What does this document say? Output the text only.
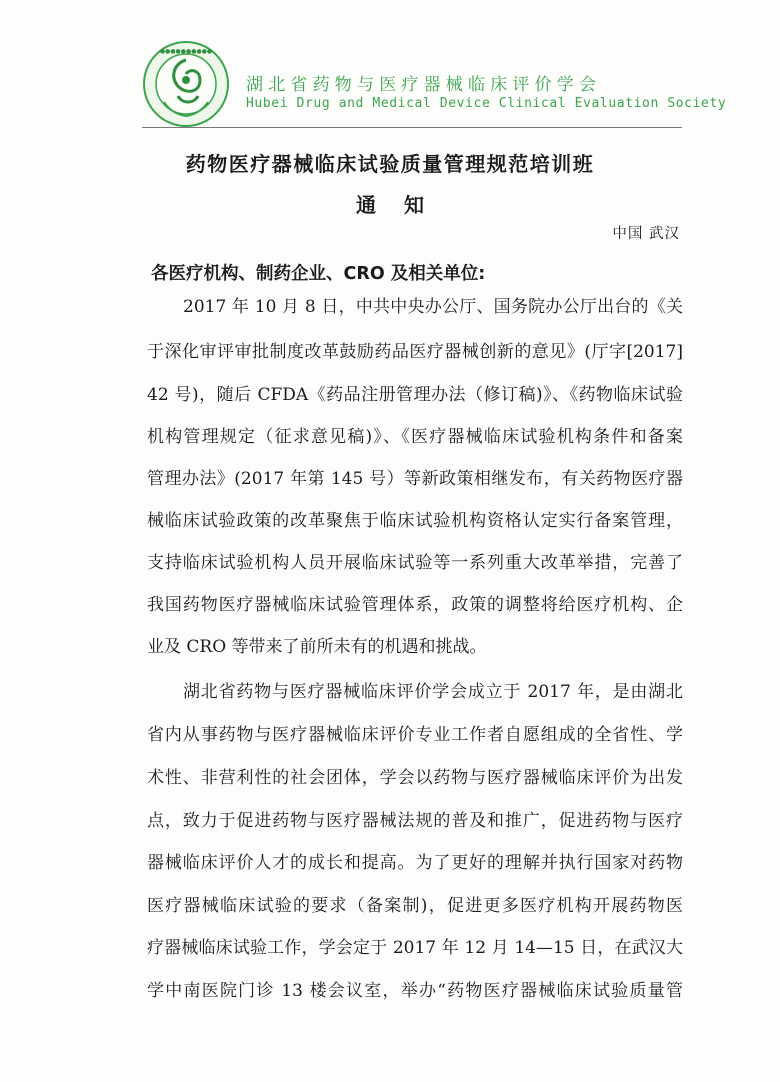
●●●●●●●●●●
湖北省药物与医疗器械临床评价学会
Hubei Drug and Medical Device Clinical Evaluation Society
药物医疗器械临床试验质量管理规范培训班
通知
中国 武汉
各医疗机构、制药企业、CRO 及相关单位:
2017 年 10 月 8 日，中共中央办公厅、国务院办公厅出台的《关
于深化审评审批制度改革鼓励药品医疗器械创新的意见》(厅字[2017]
42 号)，随后 CFDA《药品注册管理办法（修订稿)》、《药物临床试验
机构管理规定（征求意见稿)》、《医疗器械临床试验机构条件和备案
管理办法》(2017 年第 145 号）等新政策相继发布，有关药物医疗器
械临床试验政策的改革聚焦于临床试验机构资格认定实行备案管理，
支持临床试验机构人员开展临床试验等一系列重大改革举措，完善了
我国药物医疗器械临床试验管理体系，政策的调整将给医疗机构、企
业及 CRO 等带来了前所未有的机遇和挑战。
湖北省药物与医疗器械临床评价学会成立于 2017 年，是由湖北
省内从事药物与医疗器械临床评价专业工作者自愿组成的全省性、学
术性、非营利性的社会团体，学会以药物与医疗器械临床评价为出发
点，致力于促进药物与医疗器械法规的普及和推广，促进药物与医疗
器械临床评价人才的成长和提高。为了更好的理解并执行国家对药物
医疗器械临床试验的要求（备案制)，促进更多医疗机构开展药物医
疗器械临床试验工作，学会定于 2017 年 12 月 14—15 日，在武汉大
学中南医院门诊 13 楼会议室，举办“药物医疗器械临床试验质量管
